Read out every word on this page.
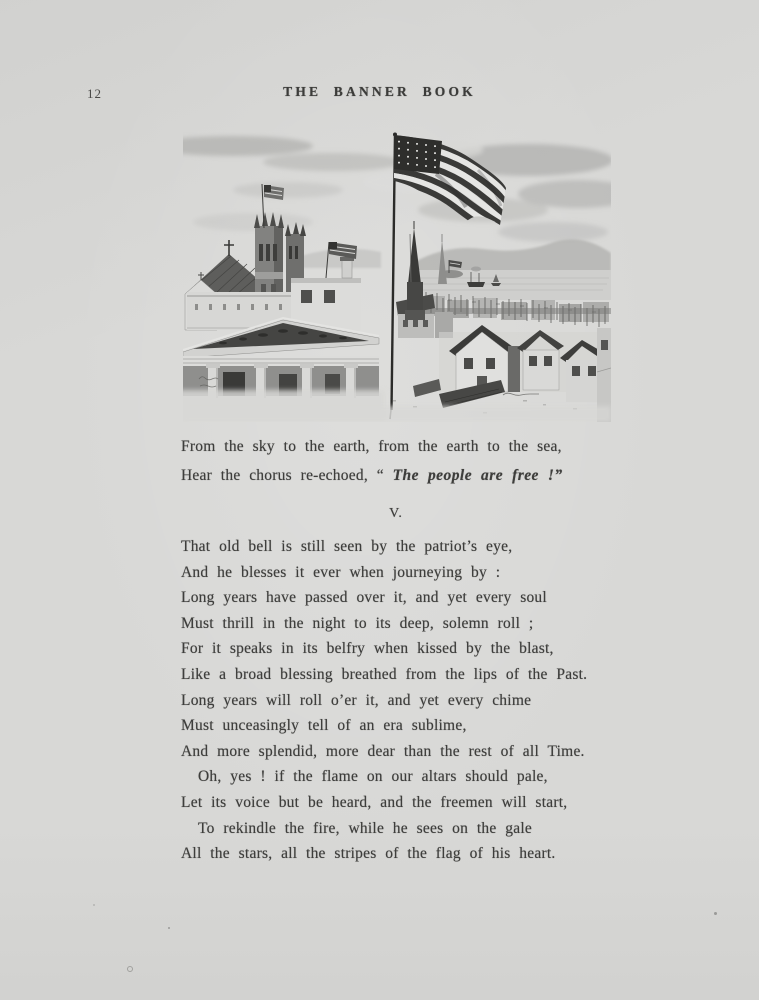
12	THE BANNER BOOK
From the sky to the earth, from the earth to the sea,
Hear the chorus re-echoed, “ The people are free !”
V.
That old bell is still seen by the patriot’s eye,
And he blesses it ever when journeying by :
Long years have passed over it, and yet every soul
Must thrill in the night to its deep, solemn roll ;
For it speaks in its belfry when kissed by the blast,
Like a broad blessing breathed from the lips of the Past.
Long years will roll o’er it, and yet every chime
Must unceasingly tell of an era sublime,
And more splendid, more dear than the rest of all Time.
Oh, yes ! if the flame on our altars should pale,
Let its voice but be heard, and the freemen will start,
To rekindle the fire, while he sees on the gale
All the stars, all the stripes of the flag of his heart.
